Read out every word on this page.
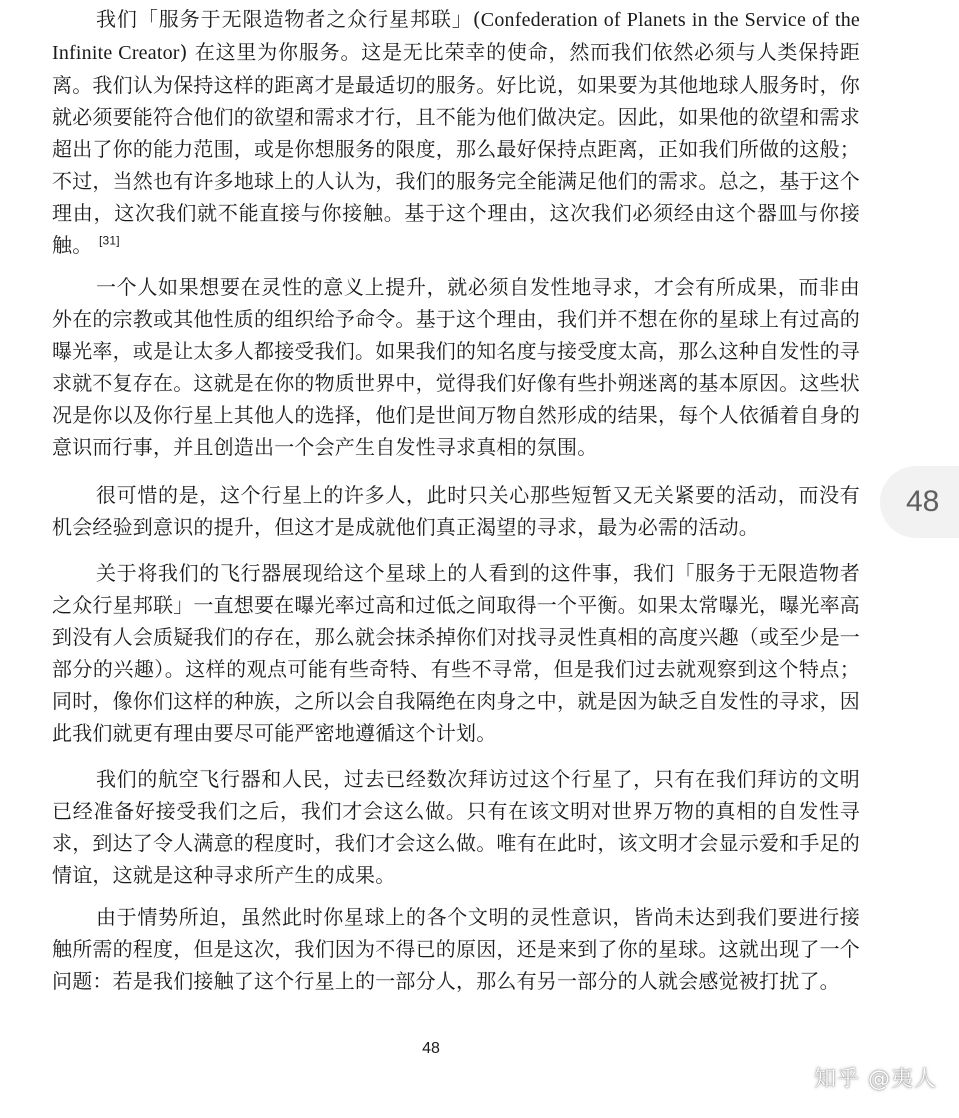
我们「服务于无限造物者之众行星邦联」(Confederation of Planets in the Service of the Infinite Creator) 在这里为你服务。这是无比荣幸的使命，然而我们依然必须与人类保持距离。我们认为保持这样的距离才是最适切的服务。好比说，如果要为其他地球人服务时，你就必须要能符合他们的欲望和需求才行，且不能为他们做决定。因此，如果他的欲望和需求超出了你的能力范围，或是你想服务的限度，那么最好保持点距离，正如我们所做的这般；不过，当然也有许多地球上的人认为，我们的服务完全能满足他们的需求。总之，基于这个理由，这次我们就不能直接与你接触。基于这个理由，这次我们必须经由这个器皿与你接触。 [31]

一个人如果想要在灵性的意义上提升，就必须自发性地寻求，才会有所成果，而非由外在的宗教或其他性质的组织给予命令。基于这个理由，我们并不想在你的星球上有过高的曝光率，或是让太多人都接受我们。如果我们的知名度与接受度太高，那么这种自发性的寻求就不复存在。这就是在你的物质世界中，觉得我们好像有些扑朔迷离的基本原因。这些状况是你以及你行星上其他人的选择，他们是世间万物自然形成的结果，每个人依循着自身的意识而行事，并且创造出一个会产生自发性寻求真相的氛围。

很可惜的是，这个行星上的许多人，此时只关心那些短暂又无关紧要的活动，而没有机会经验到意识的提升，但这才是成就他们真正渴望的寻求，最为必需的活动。

关于将我们的飞行器展现给这个星球上的人看到的这件事，我们「服务于无限造物者之众行星邦联」一直想要在曝光率过高和过低之间取得一个平衡。如果太常曝光，曝光率高到没有人会质疑我们的存在，那么就会抹杀掉你们对找寻灵性真相的高度兴趣（或至少是一部分的兴趣）。这样的观点可能有些奇特、有些不寻常，但是我们过去就观察到这个特点；同时，像你们这样的种族，之所以会自我隔绝在肉身之中，就是因为缺乏自发性的寻求，因此我们就更有理由要尽可能严密地遵循这个计划。

我们的航空飞行器和人民，过去已经数次拜访过这个行星了，只有在我们拜访的文明已经准备好接受我们之后，我们才会这么做。只有在该文明对世界万物的真相的自发性寻求，到达了令人满意的程度时，我们才会这么做。唯有在此时，该文明才会显示爱和手足的情谊，这就是这种寻求所产生的成果。

由于情势所迫，虽然此时你星球上的各个文明的灵性意识，皆尚未达到我们要进行接触所需的程度，但是这次，我们因为不得已的原因，还是来到了你的星球。这就出现了一个问题：若是我们接触了这个行星上的一部分人，那么有另一部分的人就会感觉被打扰了。

48
48
知乎 @夷人
